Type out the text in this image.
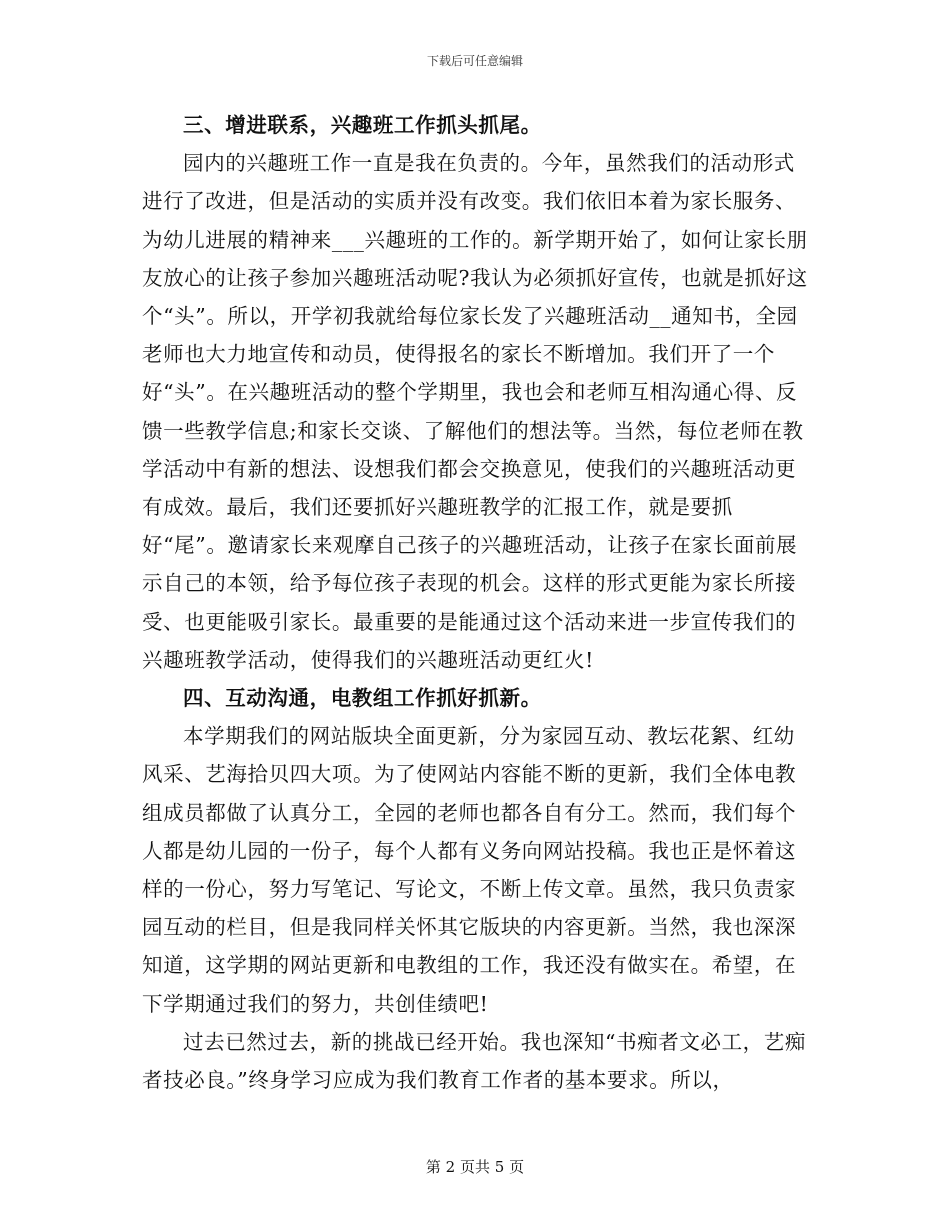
下载后可任意编辑

三、增进联系，兴趣班工作抓头抓尾。

园内的兴趣班工作一直是我在负责的。今年，虽然我们的活动形式进行了改进，但是活动的实质并没有改变。我们依旧本着为家长服务、为幼儿进展的精神来___兴趣班的工作的。新学期开始了，如何让家长朋友放心的让孩子参加兴趣班活动呢?我认为必须抓好宣传，也就是抓好这个“头”。所以，开学初我就给每位家长发了兴趣班活动__通知书，全园老师也大力地宣传和动员，使得报名的家长不断增加。我们开了一个好“头”。在兴趣班活动的整个学期里，我也会和老师互相沟通心得、反馈一些教学信息;和家长交谈、了解他们的想法等。当然，每位老师在教学活动中有新的想法、设想我们都会交换意见，使我们的兴趣班活动更有成效。最后，我们还要抓好兴趣班教学的汇报工作，就是要抓好“尾”。邀请家长来观摩自己孩子的兴趣班活动，让孩子在家长面前展示自己的本领，给予每位孩子表现的机会。这样的形式更能为家长所接受、也更能吸引家长。最重要的是能通过这个活动来进一步宣传我们的兴趣班教学活动，使得我们的兴趣班活动更红火!

四、互动沟通，电教组工作抓好抓新。

本学期我们的网站版块全面更新，分为家园互动、教坛花絮、红幼风采、艺海拾贝四大项。为了使网站内容能不断的更新，我们全体电教组成员都做了认真分工，全园的老师也都各自有分工。然而，我们每个人都是幼儿园的一份子，每个人都有义务向网站投稿。我也正是怀着这样的一份心，努力写笔记、写论文，不断上传文章。虽然，我只负责家园互动的栏目，但是我同样关怀其它版块的内容更新。当然，我也深深知道，这学期的网站更新和电教组的工作，我还没有做实在。希望，在下学期通过我们的努力，共创佳绩吧!

过去已然过去，新的挑战已经开始。我也深知“书痴者文必工，艺痴者技必良。”终身学习应成为我们教育工作者的基本要求。所以，

第 2 页共 5 页
